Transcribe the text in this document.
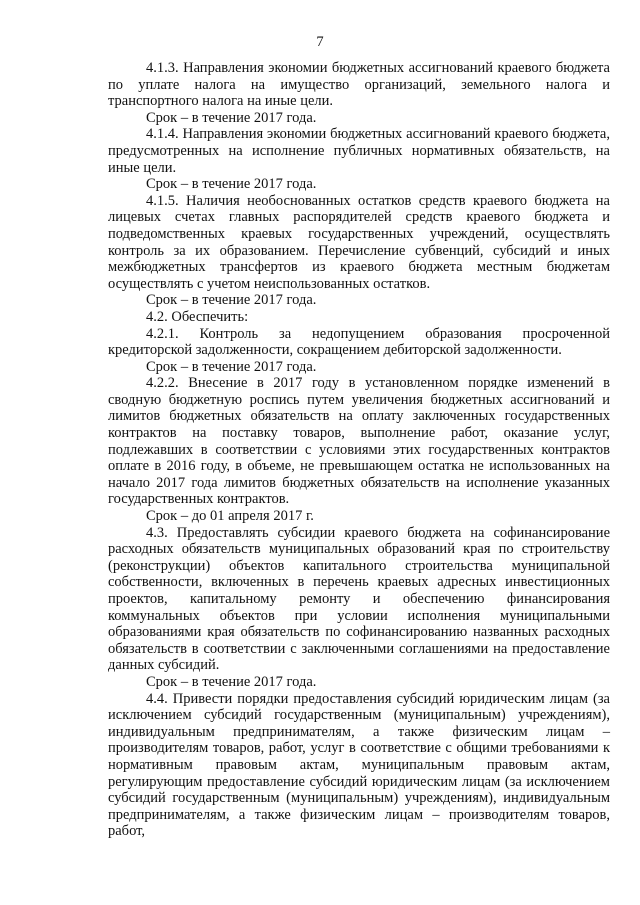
7

4.1.3. Направления экономии бюджетных ассигнований краевого бюджета по уплате налога на имущество организаций, земельного налога и транспортного налога на иные цели.

Срок – в течение 2017 года.

4.1.4. Направления экономии бюджетных ассигнований краевого бюджета, предусмотренных на исполнение публичных нормативных обязательств, на иные цели.

Срок – в течение 2017 года.

4.1.5. Наличия необоснованных остатков средств краевого бюджета на лицевых счетах главных распорядителей средств краевого бюджета и подведомственных краевых государственных учреждений, осуществлять контроль за их образованием. Перечисление субвенций, субсидий и иных межбюджетных трансфертов из краевого бюджета местным бюджетам осуществлять с учетом неиспользованных остатков.

Срок – в течение 2017 года.

4.2. Обеспечить:

4.2.1. Контроль за недопущением образования просроченной кредиторской задолженности, сокращением дебиторской задолженности.

Срок – в течение 2017 года.

4.2.2. Внесение в 2017 году в установленном порядке изменений в сводную бюджетную роспись путем увеличения бюджетных ассигнований и лимитов бюджетных обязательств на оплату заключенных государственных контрактов на поставку товаров, выполнение работ, оказание услуг, подлежавших в соответствии с условиями этих государственных контрактов оплате в 2016 году, в объеме, не превышающем остатка не использованных на начало 2017 года лимитов бюджетных обязательств на исполнение указанных государственных контрактов.

Срок – до 01 апреля 2017 г.

4.3. Предоставлять субсидии краевого бюджета на софинансирование расходных обязательств муниципальных образований края по строительству (реконструкции) объектов капитального строительства муниципальной собственности, включенных в перечень краевых адресных инвестиционных проектов, капитальному ремонту и обеспечению финансирования коммунальных объектов при условии исполнения муниципальными образованиями края обязательств по софинансированию названных расходных обязательств в соответствии с заключенными соглашениями на предоставление данных субсидий.

Срок – в течение 2017 года.

4.4. Привести порядки предоставления субсидий юридическим лицам (за исключением субсидий государственным (муниципальным) учреждениям), индивидуальным предпринимателям, а также физическим лицам – производителям товаров, работ, услуг в соответствие с общими требованиями к нормативным правовым актам, муниципальным правовым актам, регулирующим предоставление субсидий юридическим лицам (за исключением субсидий государственным (муниципальным) учреждениям), индивидуальным предпринимателям, а также физическим лицам – производителям товаров, работ,
